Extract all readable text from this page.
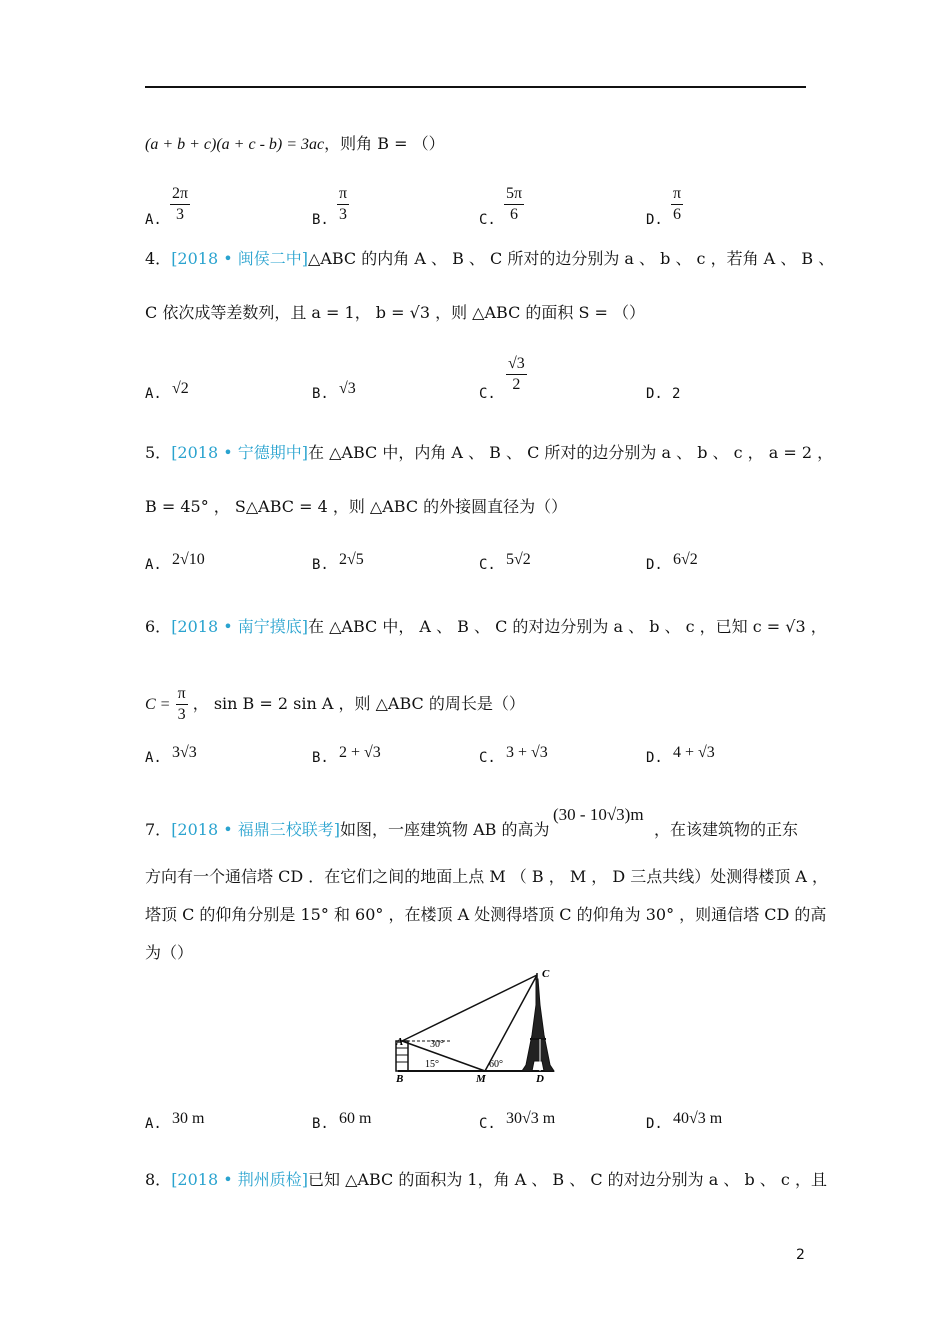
(a + b + c)(a + c - b) = 3ac，则角 B = （）
A. $\frac{2\pi}{3}$	B. $\frac{\pi}{3}$	C. $\frac{5\pi}{6}$	D. $\frac{\pi}{6}$
4．[2018 • 闽侯二中]△ABC 的内角 A 、 B 、 C 所对的边分别为 a 、 b 、 c ，若角 A 、 B 、
C 依次成等差数列，且 a = 1， b = √3 ，则 △ABC 的面积 S = （）
A. √2	B. √3	C. $\frac{√3}{2}$	D. 2
5．[2018 • 宁德期中]在 △ABC 中，内角 A 、 B 、 C 所对的边分别为 a 、 b 、 c ， a = 2 ，
B = 45° ， S△ABC = 4 ，则 △ABC 的外接圆直径为（）
A. 2√10	B. 2√5	C. 5√2	D. 6√2
6．[2018 • 南宁摸底]在 △ABC 中， A 、 B 、 C 的对边分别为 a 、 b 、 c ，已知 c = √3 ，
$C = \frac{\pi}{3}$ ， sin B = 2 sin A ，则 △ABC 的周长是（）
A. 3√3	B. 2 + √3	C. 3 + √3	D. 4 + √3
7．[2018 • 福鼎三校联考]如图，一座建筑物 AB 的高为
(30 - 10√3)m
，在该建筑物的正东
方向有一个通信塔 CD ．在它们之间的地面上点 M （ B ， M ， D 三点共线）处测得楼顶 A ，
塔顶 C 的仰角分别是 15° 和 60° ，在楼顶 A 处测得塔顶 C 的仰角为 30° ，则通信塔 CD 的高
为（）
A
B	M	D
C
30°
15°	60°
A. 30 m	B. 60 m	C. 30√3 m	D. 40√3 m
8．[2018 • 荆州质检]已知 △ABC 的面积为 1，角 A 、 B 、 C 的对边分别为 a 、 b 、 c ，且
2
